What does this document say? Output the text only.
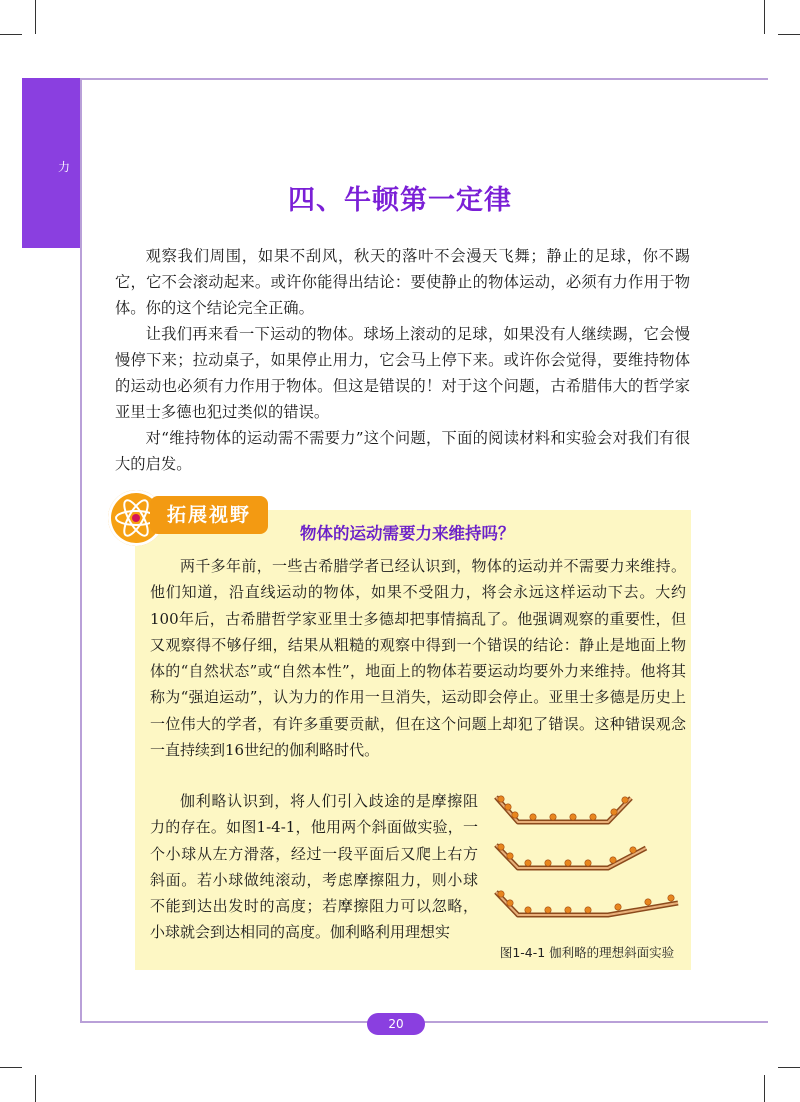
力
四、牛顿第一定律

观察我们周围，如果不刮风，秋天的落叶不会漫天飞舞；静止的足球，你不踢它，它不会滚动起来。或许你能得出结论：要使静止的物体运动，必须有力作用于物体。你的这个结论完全正确。

让我们再来看一下运动的物体。球场上滚动的足球，如果没有人继续踢，它会慢慢停下来；拉动桌子，如果停止用力，它会马上停下来。或许你会觉得，要维持物体的运动也必须有力作用于物体。但这是错误的！对于这个问题，古希腊伟大的哲学家亚里士多德也犯过类似的错误。

对“维持物体的运动需不需要力”这个问题，下面的阅读材料和实验会对我们有很大的启发。

拓展视野
物体的运动需要力来维持吗？

两千多年前，一些古希腊学者已经认识到，物体的运动并不需要力来维持。他们知道，沿直线运动的物体，如果不受阻力，将会永远这样运动下去。大约100年后，古希腊哲学家亚里士多德却把事情搞乱了。他强调观察的重要性，但又观察得不够仔细，结果从粗糙的观察中得到一个错误的结论：静止是地面上物体的“自然状态”或“自然本性”，地面上的物体若要运动均要外力来维持。他将其称为“强迫运动”，认为力的作用一旦消失，运动即会停止。亚里士多德是历史上一位伟大的学者，有许多重要贡献，但在这个问题上却犯了错误。这种错误观念一直持续到16世纪的伽利略时代。

伽利略认识到，将人们引入歧途的是摩擦阻力的存在。如图1-4-1，他用两个斜面做实验，一个小球从左方滑落，经过一段平面后又爬上右方斜面。若小球做纯滚动，考虑摩擦阻力，则小球不能到达出发时的高度；若摩擦阻力可以忽略，小球就会到达相同的高度。伽利略利用理想实

图1-4-1 伽利略的理想斜面实验
20
